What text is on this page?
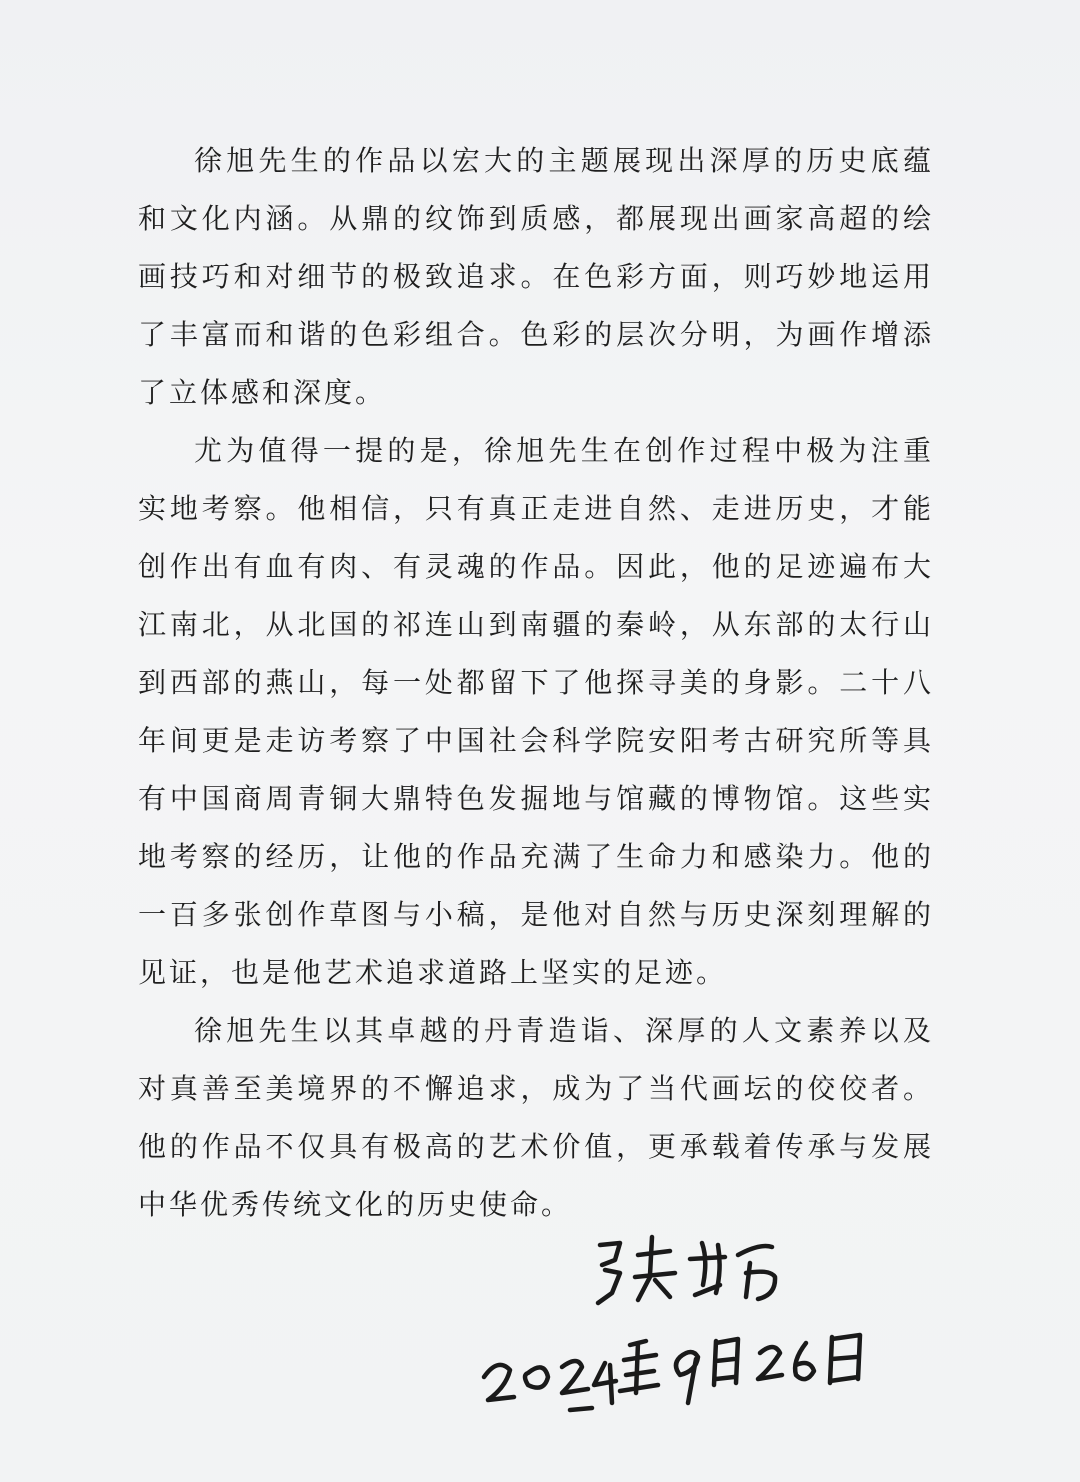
徐旭先生的作品以宏大的主题展现出深厚的历史底蕴和文化内涵。从鼎的纹饰到质感，都展现出画家高超的绘画技巧和对细节的极致追求。在色彩方面，则巧妙地运用了丰富而和谐的色彩组合。色彩的层次分明，为画作增添了立体感和深度。

尤为值得一提的是，徐旭先生在创作过程中极为注重实地考察。他相信，只有真正走进自然、走进历史，才能创作出有血有肉、有灵魂的作品。因此，他的足迹遍布大江南北，从北国的祁连山到南疆的秦岭，从东部的太行山到西部的燕山，每一处都留下了他探寻美的身影。二十八年间更是走访考察了中国社会科学院安阳考古研究所等具有中国商周青铜大鼎特色发掘地与馆藏的博物馆。这些实地考察的经历，让他的作品充满了生命力和感染力。他的一百多张创作草图与小稿，是他对自然与历史深刻理解的见证，也是他艺术追求道路上坚实的足迹。

徐旭先生以其卓越的丹青造诣、深厚的人文素养以及对真善至美境界的不懈追求，成为了当代画坛的佼佼者。他的作品不仅具有极高的艺术价值，更承载着传承与发展中华优秀传统文化的历史使命。
